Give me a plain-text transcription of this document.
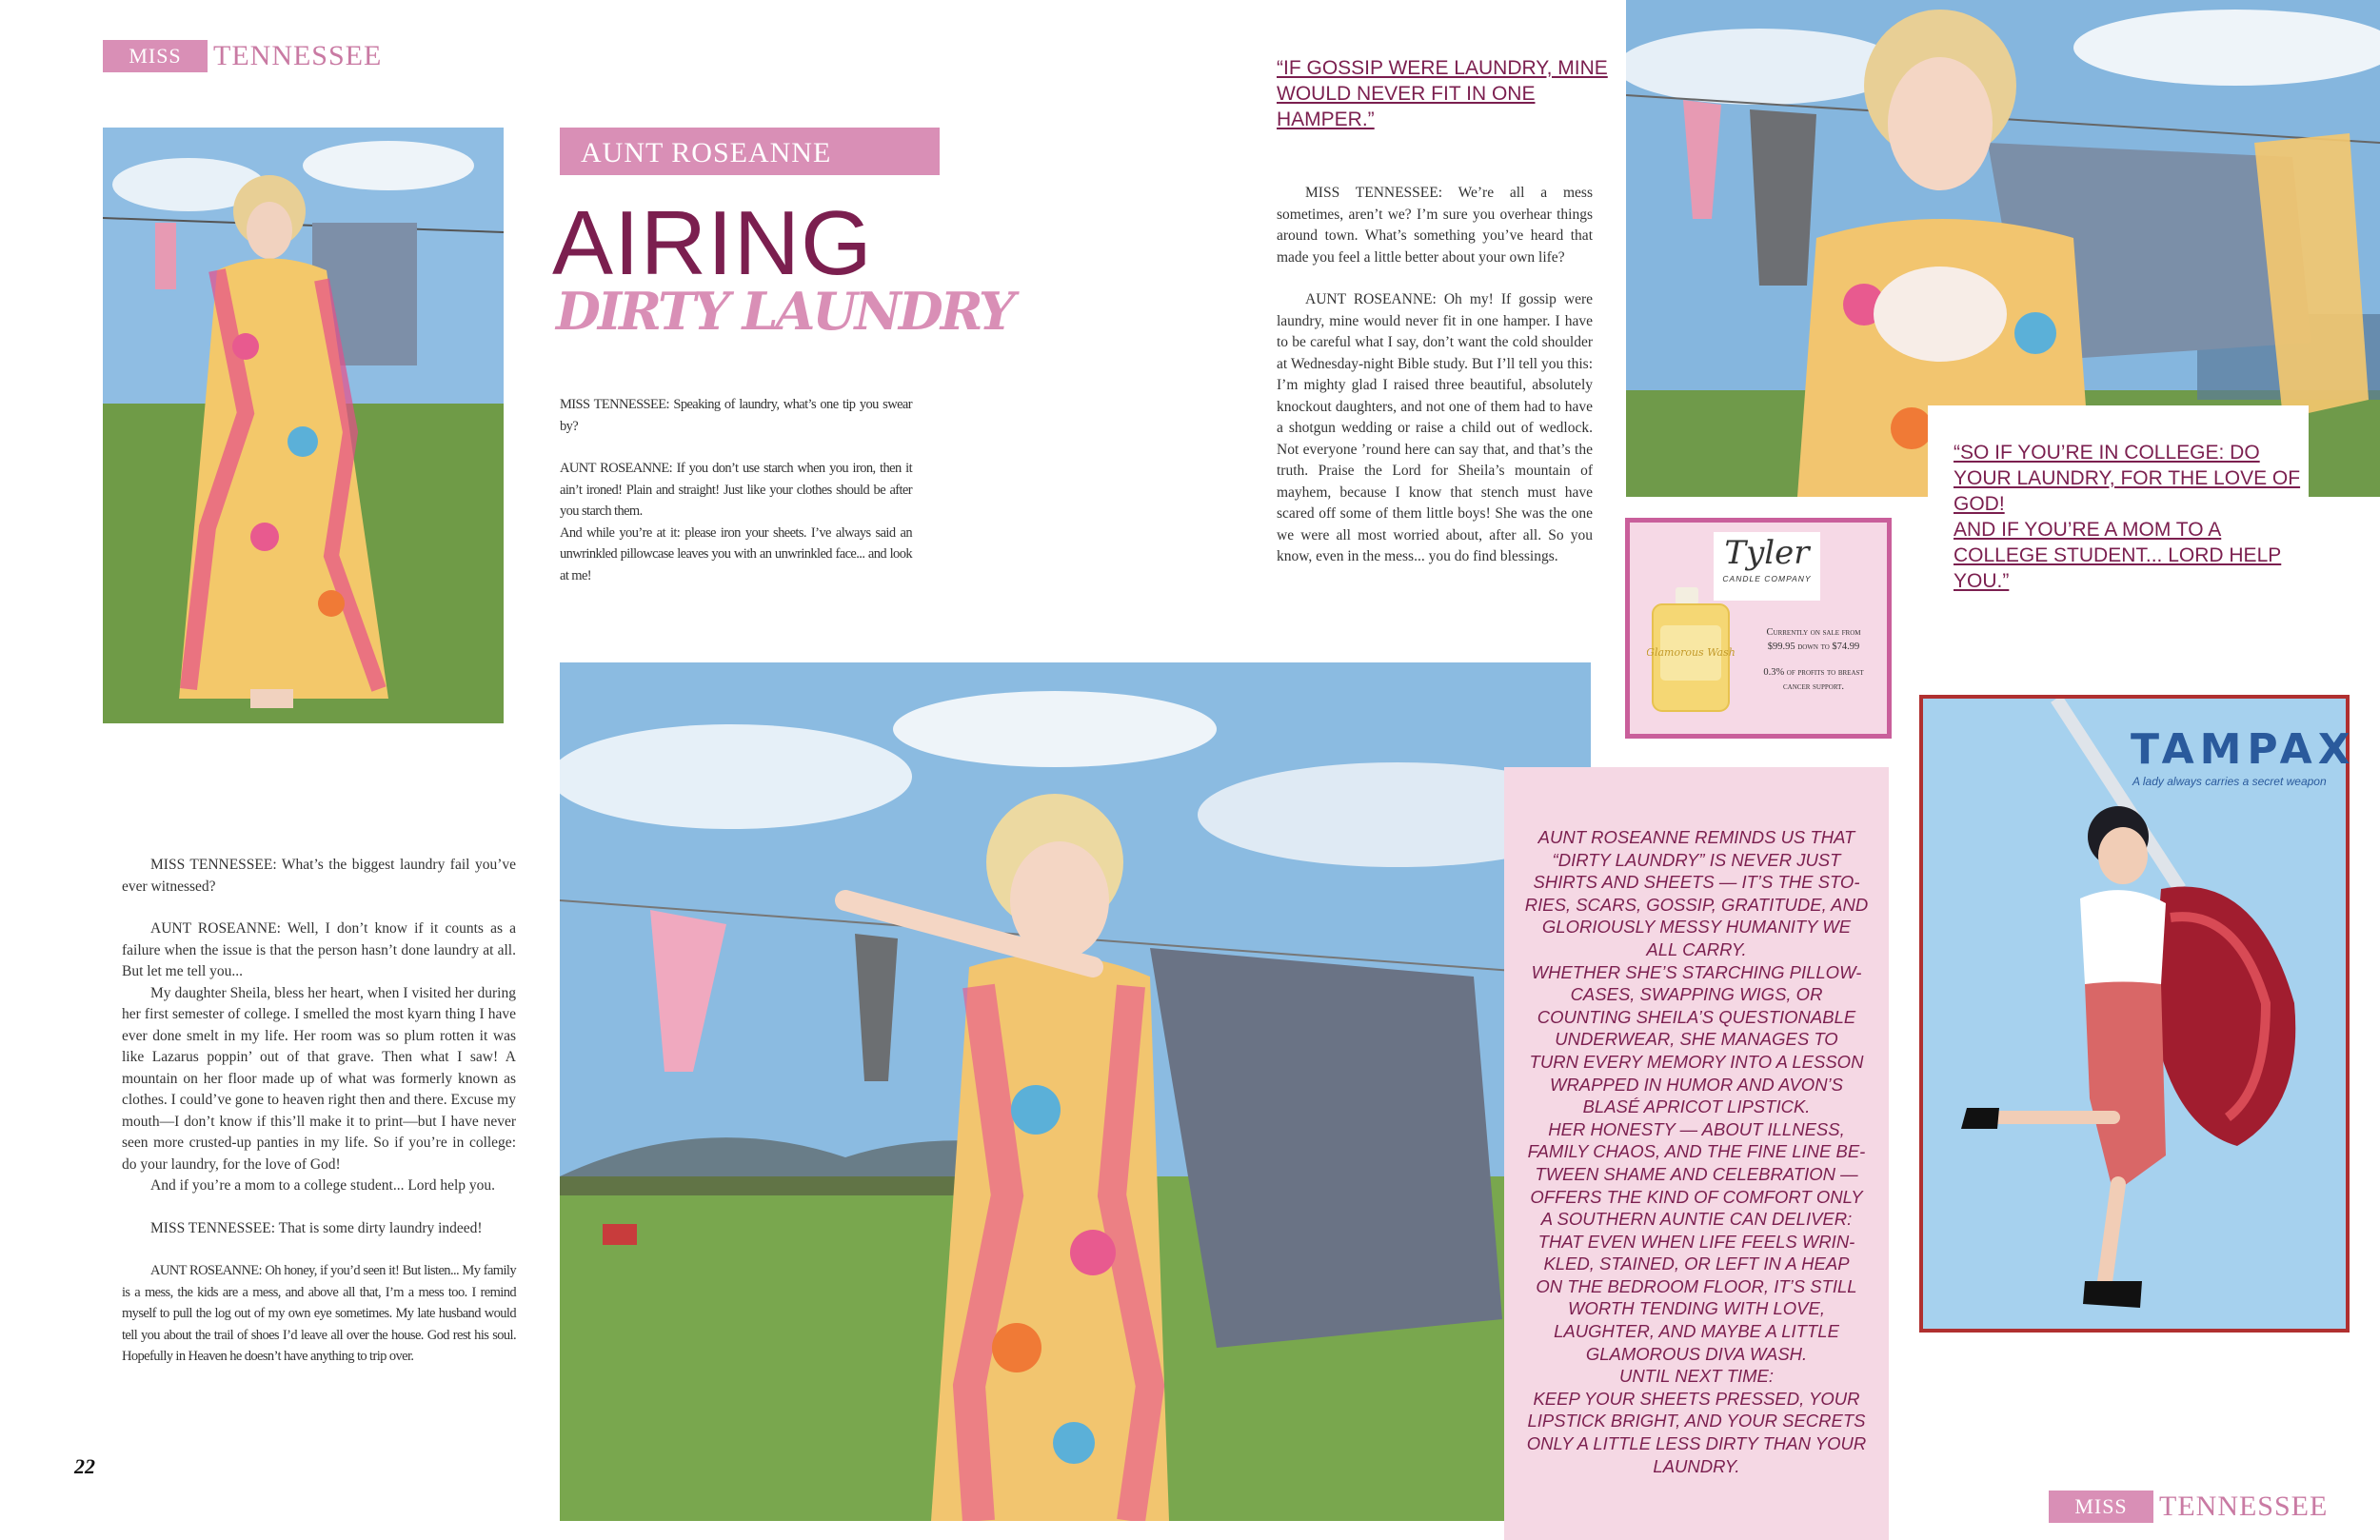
MISS	TENNESSEE
AUNT ROSEANNE
AIRING
DIRTY LAUNDRY

MISS TENNESSEE: Speaking of laundry, what’s one tip you swear by?

AUNT ROSEANNE: If you don’t use starch when you iron, then it ain’t ironed! Plain and straight! Just like your clothes should be after you starch them.

And while you’re at it: please iron your sheets. I’ve always said an unwrinkled pillowcase leaves you with an unwrinkled face... and look at me!

MISS TENNESSEE: What’s the biggest laundry fail you’ve ever witnessed?

AUNT ROSEANNE: Well, I don’t know if it counts as a failure when the issue is that the person hasn’t done laundry at all. But let me tell you...

My daughter Sheila, bless her heart, when I visited her during her first semester of college. I smelled the most kyarn thing I have ever done smelt in my life. Her room was so plum rotten it was like Lazarus poppin’ out of that grave. Then what I saw! A mountain on her floor made up of what was formerly known as clothes. I could’ve gone to heaven right then and there. Excuse my mouth—I don’t know if this’ll make it to print—but I have never seen more crusted-up panties in my life. So if you’re in college: do your laundry, for the love of God!

And if you’re a mom to a college student... Lord help you.

MISS TENNESSEE: That is some dirty laundry indeed!

AUNT ROSEANNE: Oh honey, if you’d seen it! But listen... My family is a mess, the kids are a mess, and above all that, I’m a mess too. I remind myself to pull the log out of my own eye sometimes. My late husband would tell you about the trail of shoes I’d leave all over the house. God rest his soul. Hopefully in Heaven he doesn’t have anything to trip over.

22
“IF GOSSIP WERE LAUNDRY, MINE
WOULD NEVER FIT IN ONE
HAMPER.”

MISS TENNESSEE: We’re all a mess sometimes, aren’t we? I’m sure you overhear things around town. What’s something you’ve heard that made you feel a little better about your own life?

AUNT ROSEANNE: Oh my! If gossip were laundry, mine would never fit in one hamper. I have to be careful what I say, don’t want the cold shoulder at Wednesday-night Bible study. But I’ll tell you this: I’m mighty glad I raised three beautiful, absolutely knockout daughters, and not one of them had to have a shotgun wedding or raise a child out of wedlock. Not everyone ’round here can say that, and that’s the truth. Praise the Lord for Sheila’s mountain of mayhem, because I know that stench must have scared off some of them little boys! She was the one we were all most worried about, after all. So you know, even in the mess... you do find blessings.

“SO IF YOU’RE IN COLLEGE: DO
YOUR LAUNDRY, FOR THE LOVE OF
GOD!
AND IF YOU’RE A MOM TO A
COLLEGE STUDENT... LORD HELP
YOU.”
Tyler
CANDLE COMPANY
Glamorous Wash
Currently on sale from
$99.95 down to $74.99
0.3% of profits to breast
cancer support.
AUNT ROSEANNE REMINDS US THAT
“DIRTY LAUNDRY” IS NEVER JUST
SHIRTS AND SHEETS — IT’S THE STO-
RIES, SCARS, GOSSIP, GRATITUDE, AND
GLORIOUSLY MESSY HUMANITY WE
ALL CARRY.
WHETHER SHE’S STARCHING PILLOW-
CASES, SWAPPING WIGS, OR
COUNTING SHEILA’S QUESTIONABLE
UNDERWEAR, SHE MANAGES TO
TURN EVERY MEMORY INTO A LESSON
WRAPPED IN HUMOR AND AVON’S
BLASÉ APRICOT LIPSTICK.
HER HONESTY — ABOUT ILLNESS,
FAMILY CHAOS, AND THE FINE LINE BE-
TWEEN SHAME AND CELEBRATION —
OFFERS THE KIND OF COMFORT ONLY
A SOUTHERN AUNTIE CAN DELIVER:
THAT EVEN WHEN LIFE FEELS WRIN-
KLED, STAINED, OR LEFT IN A HEAP
ON THE BEDROOM FLOOR, IT’S STILL
WORTH TENDING WITH LOVE,
LAUGHTER, AND MAYBE A LITTLE
GLAMOROUS DIVA WASH.
UNTIL NEXT TIME:
KEEP YOUR SHEETS PRESSED, YOUR
LIPSTICK BRIGHT, AND YOUR SECRETS
ONLY A LITTLE LESS DIRTY THAN YOUR
LAUNDRY.
TAMPAX
A lady always carries a secret weapon
MISS	TENNESSEE
